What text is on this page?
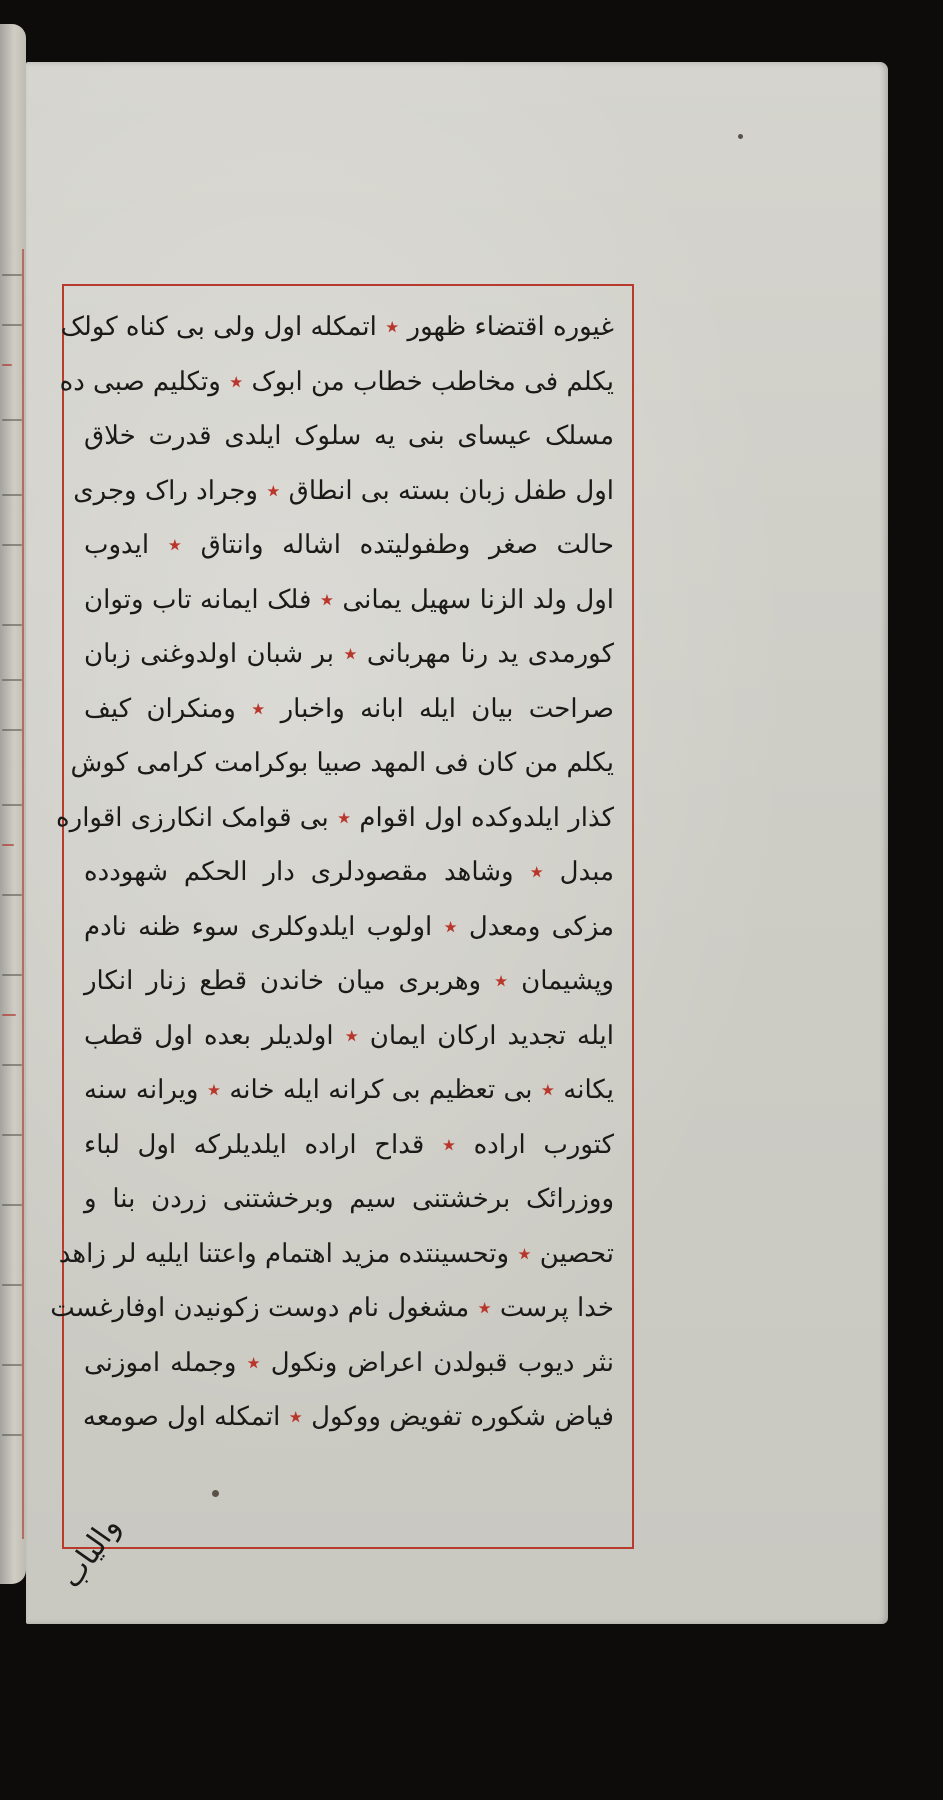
غیوره اقتضاء ظهور ٭ اتمکله اول ولی بی کناه کولک
یکلم فی مخاطب خطاب من ابوک ٭ وتکلیم صبی ده
مسلک عیسای بنی یه سلوک ایلدی قدرت خلاق
اول طفل زبان بسته بی انطاق ٭ وجراد راک وجری
حالت صغر وطفولیتده اشاله وانتاق ٭ ایدوب
اول ولد الزنا سهیل یمانی ٭ فلک ایمانه تاب وتوان
کورمدی ید رنا مهربانی ٭ بر شبان اولدوغنی زبان
صراحت بیان ایله ابانه واخبار ٭ ومنکران کیف
یکلم من کان فی المهد صبیا بوکرامت کرامی کوش
کذار ایلدوکده اول اقوام ٭ بی قوامک انکارزی اقواره
مبدل ٭ وشاهد مقصودلری دار الحکم شهودده
مزکی ومعدل ٭ اولوب ایلدوکلری سوء ظنه نادم
وپشیمان ٭ وهربری میان خاندن قطع زنار انکار
ایله تجدید ارکان ایمان ٭ اولدیلر بعده اول قطب
یکانه ٭ بی تعظیم بی کرانه ایله خانه ٭ ویرانه سنه
کتورب اراده ٭ قداح اراده ایلدیلرکه اول لباء
ووزرائک برخشتنی سیم وبرخشتنی زردن بنا و
تحصین ٭ وتحسینتده مزید اهتمام واعتنا ایلیه لر زاهد
خدا پرست ٭ مشغول نام دوست زکونیدن اوفارغست
نثر دیوب قبولدن اعراض ونکول ٭ وجمله اموزنی
فیاض شکوره تفویض ووکول ٭ اتمکله اول صومعه
والیاب
